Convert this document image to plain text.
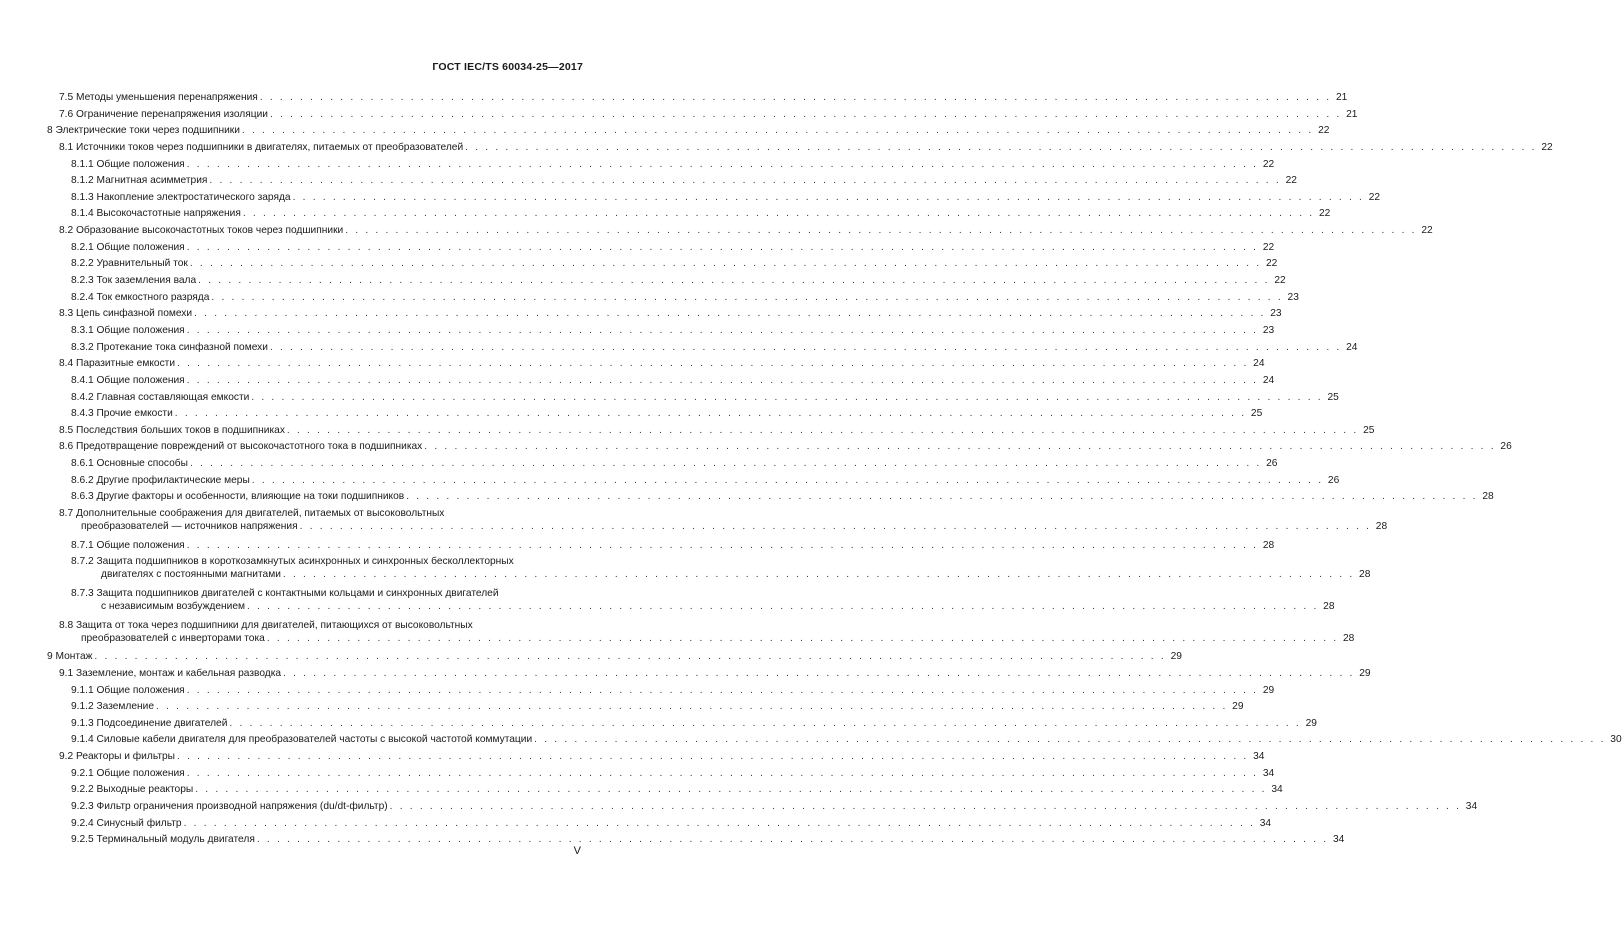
ГОСТ IEC/TS 60034-25—2017
7.5 Методы уменьшения перенапряжения . . . . . . . . . . . . . . . . . . . . . . . . . . . . . . . . . . . . . . . . . . . . . . . . . . . . . . . . . . . . . . . . . . . . . . . . . . . . . . . . . . . . . . . . . . . . . . . . . . . . . . . . . . . 21
7.6 Ограничение перенапряжения изоляции . . . . . . . . . . . . . . . . . . . . . . . . . . . . . . . . . . . . . . . . . . . . . . . . . . . . . . . . . . . . . . . . . . . . . . . . . . . . . . . . . . . . . . . . . . . . . . . . . . . . . . . . . . . 21
8 Электрические токи через подшипники . . . . . . . . . . . . . . . . . . . . . . . . . . . . . . . . . . . . . . . . . . . . . . . . . . . . . . . . . . . . . . . . . . . . . . . . . . . . . . . . . . . . . . . . . . . . . . . . . . . . . . . . . . . 22
8.1 Источники токов через подшипники в двигателях, питаемых от преобразователей . . . . . . . . . . . . . . . . . . . . . . . . . . . . . . . . . . . . . . . . . . . . . . . . . . . . . . . . . . . . . . . . . . . . . . . . . . . . . . . . . . . . . . . . . . . . . . . . . . . . . . . . . . . 22
8.1.1 Общие положения . . . . . . . . . . . . . . . . . . . . . . . . . . . . . . . . . . . . . . . . . . . . . . . . . . . . . . . . . . . . . . . . . . . . . . . . . . . . . . . . . . . . . . . . . . . . . . . . . . . . . . . . . . . 22
8.1.2 Магнитная асимметрия . . . . . . . . . . . . . . . . . . . . . . . . . . . . . . . . . . . . . . . . . . . . . . . . . . . . . . . . . . . . . . . . . . . . . . . . . . . . . . . . . . . . . . . . . . . . . . . . . . . . . . . . . . . 22
8.1.3 Накопление электростатического заряда . . . . . . . . . . . . . . . . . . . . . . . . . . . . . . . . . . . . . . . . . . . . . . . . . . . . . . . . . . . . . . . . . . . . . . . . . . . . . . . . . . . . . . . . . . . . . . . . . . . . . . . . . . . 22
8.1.4 Высокочастотные напряжения . . . . . . . . . . . . . . . . . . . . . . . . . . . . . . . . . . . . . . . . . . . . . . . . . . . . . . . . . . . . . . . . . . . . . . . . . . . . . . . . . . . . . . . . . . . . . . . . . . . . . . . . . . . 22
8.2 Образование высокочастотных токов через подшипники . . . . . . . . . . . . . . . . . . . . . . . . . . . . . . . . . . . . . . . . . . . . . . . . . . . . . . . . . . . . . . . . . . . . . . . . . . . . . . . . . . . . . . . . . . . . . . . . . . . . . . . . . . . 22
8.2.1 Общие положения . . . . . . . . . . . . . . . . . . . . . . . . . . . . . . . . . . . . . . . . . . . . . . . . . . . . . . . . . . . . . . . . . . . . . . . . . . . . . . . . . . . . . . . . . . . . . . . . . . . . . . . . . . . 22
8.2.2 Уравнительный ток . . . . . . . . . . . . . . . . . . . . . . . . . . . . . . . . . . . . . . . . . . . . . . . . . . . . . . . . . . . . . . . . . . . . . . . . . . . . . . . . . . . . . . . . . . . . . . . . . . . . . . . . . . . 22
8.2.3 Ток заземления вала . . . . . . . . . . . . . . . . . . . . . . . . . . . . . . . . . . . . . . . . . . . . . . . . . . . . . . . . . . . . . . . . . . . . . . . . . . . . . . . . . . . . . . . . . . . . . . . . . . . . . . . . . . . 22
8.2.4 Ток емкостного разряда . . . . . . . . . . . . . . . . . . . . . . . . . . . . . . . . . . . . . . . . . . . . . . . . . . . . . . . . . . . . . . . . . . . . . . . . . . . . . . . . . . . . . . . . . . . . . . . . . . . . . . . . . . . 23
8.3 Цепь синфазной помехи . . . . . . . . . . . . . . . . . . . . . . . . . . . . . . . . . . . . . . . . . . . . . . . . . . . . . . . . . . . . . . . . . . . . . . . . . . . . . . . . . . . . . . . . . . . . . . . . . . . . . . . . . . . 23
8.3.1 Общие положения . . . . . . . . . . . . . . . . . . . . . . . . . . . . . . . . . . . . . . . . . . . . . . . . . . . . . . . . . . . . . . . . . . . . . . . . . . . . . . . . . . . . . . . . . . . . . . . . . . . . . . . . . . . 23
8.3.2 Протекание тока синфазной помехи . . . . . . . . . . . . . . . . . . . . . . . . . . . . . . . . . . . . . . . . . . . . . . . . . . . . . . . . . . . . . . . . . . . . . . . . . . . . . . . . . . . . . . . . . . . . . . . . . . . . . . . . . . . 24
8.4 Паразитные емкости . . . . . . . . . . . . . . . . . . . . . . . . . . . . . . . . . . . . . . . . . . . . . . . . . . . . . . . . . . . . . . . . . . . . . . . . . . . . . . . . . . . . . . . . . . . . . . . . . . . . . . . . . . . 24
8.4.1 Общие положения . . . . . . . . . . . . . . . . . . . . . . . . . . . . . . . . . . . . . . . . . . . . . . . . . . . . . . . . . . . . . . . . . . . . . . . . . . . . . . . . . . . . . . . . . . . . . . . . . . . . . . . . . . . 24
8.4.2 Главная составляющая емкости . . . . . . . . . . . . . . . . . . . . . . . . . . . . . . . . . . . . . . . . . . . . . . . . . . . . . . . . . . . . . . . . . . . . . . . . . . . . . . . . . . . . . . . . . . . . . . . . . . . . . . . . . . . 25
8.4.3 Прочие емкости . . . . . . . . . . . . . . . . . . . . . . . . . . . . . . . . . . . . . . . . . . . . . . . . . . . . . . . . . . . . . . . . . . . . . . . . . . . . . . . . . . . . . . . . . . . . . . . . . . . . . . . . . . . 25
8.5 Последствия больших токов в подшипниках . . . . . . . . . . . . . . . . . . . . . . . . . . . . . . . . . . . . . . . . . . . . . . . . . . . . . . . . . . . . . . . . . . . . . . . . . . . . . . . . . . . . . . . . . . . . . . . . . . . . . . . . . . . 25
8.6 Предотвращение повреждений от высокочастотного тока в подшипниках . . . . . . . . . . . . . . . . . . . . . . . . . . . . . . . . . . . . . . . . . . . . . . . . . . . . . . . . . . . . . . . . . . . . . . . . . . . . . . . . . . . . . . . . . . . . . . . . . . . . . . . . . . . 26
8.6.1 Основные способы . . . . . . . . . . . . . . . . . . . . . . . . . . . . . . . . . . . . . . . . . . . . . . . . . . . . . . . . . . . . . . . . . . . . . . . . . . . . . . . . . . . . . . . . . . . . . . . . . . . . . . . . . . . 26
8.6.2 Другие профилактические меры . . . . . . . . . . . . . . . . . . . . . . . . . . . . . . . . . . . . . . . . . . . . . . . . . . . . . . . . . . . . . . . . . . . . . . . . . . . . . . . . . . . . . . . . . . . . . . . . . . . . . . . . . . . 26
8.6.3 Другие факторы и особенности, влияющие на токи подшипников . . . . . . . . . . . . . . . . . . . . . . . . . . . . . . . . . . . . . . . . . . . . . . . . . . . . . . . . . . . . . . . . . . . . . . . . . . . . . . . . . . . . . . . . . . . . . . . . . . . . . . . . . . . 28
8.7 Дополнительные соображения для двигателей, питаемых от высоковольтных
преобразователей — источников напряжения . . . . . . . . . . . . . . . . . . . . . . . . . . . . . . . . . . . . . . . . . . . . . . . . . . . . . . . . . . . . . . . . . . . . . . . . . . . . . . . . . . . . . . . . . . . . . . . . . . . . . . . . . . . 28
8.7.1 Общие положения . . . . . . . . . . . . . . . . . . . . . . . . . . . . . . . . . . . . . . . . . . . . . . . . . . . . . . . . . . . . . . . . . . . . . . . . . . . . . . . . . . . . . . . . . . . . . . . . . . . . . . . . . . . 28
8.7.2 Защита подшипников в короткозамкнутых асинхронных и синхронных бесколлекторных
двигателях с постоянными магнитами . . . . . . . . . . . . . . . . . . . . . . . . . . . . . . . . . . . . . . . . . . . . . . . . . . . . . . . . . . . . . . . . . . . . . . . . . . . . . . . . . . . . . . . . . . . . . . . . . . . . . . . . . . . 28
8.7.3 Защита подшипников двигателей с контактными кольцами и синхронных двигателей
с независимым возбуждением . . . . . . . . . . . . . . . . . . . . . . . . . . . . . . . . . . . . . . . . . . . . . . . . . . . . . . . . . . . . . . . . . . . . . . . . . . . . . . . . . . . . . . . . . . . . . . . . . . . . . . . . . . . 28
8.8 Защита от тока через подшипники для двигателей, питающихся от высоковольтных
преобразователей с инверторами тока . . . . . . . . . . . . . . . . . . . . . . . . . . . . . . . . . . . . . . . . . . . . . . . . . . . . . . . . . . . . . . . . . . . . . . . . . . . . . . . . . . . . . . . . . . . . . . . . . . . . . . . . . . . 28
9 Монтаж . . . . . . . . . . . . . . . . . . . . . . . . . . . . . . . . . . . . . . . . . . . . . . . . . . . . . . . . . . . . . . . . . . . . . . . . . . . . . . . . . . . . . . . . . . . . . . . . . . . . . . . . . . . 29
9.1 Заземление, монтаж и кабельная разводка . . . . . . . . . . . . . . . . . . . . . . . . . . . . . . . . . . . . . . . . . . . . . . . . . . . . . . . . . . . . . . . . . . . . . . . . . . . . . . . . . . . . . . . . . . . . . . . . . . . . . . . . . . . 29
9.1.1 Общие положения . . . . . . . . . . . . . . . . . . . . . . . . . . . . . . . . . . . . . . . . . . . . . . . . . . . . . . . . . . . . . . . . . . . . . . . . . . . . . . . . . . . . . . . . . . . . . . . . . . . . . . . . . . . 29
9.1.2 Заземление . . . . . . . . . . . . . . . . . . . . . . . . . . . . . . . . . . . . . . . . . . . . . . . . . . . . . . . . . . . . . . . . . . . . . . . . . . . . . . . . . . . . . . . . . . . . . . . . . . . . . . . . . . . 29
9.1.3 Подсоединение двигателей . . . . . . . . . . . . . . . . . . . . . . . . . . . . . . . . . . . . . . . . . . . . . . . . . . . . . . . . . . . . . . . . . . . . . . . . . . . . . . . . . . . . . . . . . . . . . . . . . . . . . . . . . . . 29
9.1.4 Силовые кабели двигателя для преобразователей частоты с высокой частотой коммутации . . . . . . . . . . . . . . . . . . . . . . . . . . . . . . . . . . . . . . . . . . . . . . . . . . . . . . . . . . . . . . . . . . . . . . . . . . . . . . . . . . . . . . . . . . . . . . . . . . . . . . . . . . . 30
9.2 Реакторы и фильтры . . . . . . . . . . . . . . . . . . . . . . . . . . . . . . . . . . . . . . . . . . . . . . . . . . . . . . . . . . . . . . . . . . . . . . . . . . . . . . . . . . . . . . . . . . . . . . . . . . . . . . . . . . . 34
9.2.1 Общие положения . . . . . . . . . . . . . . . . . . . . . . . . . . . . . . . . . . . . . . . . . . . . . . . . . . . . . . . . . . . . . . . . . . . . . . . . . . . . . . . . . . . . . . . . . . . . . . . . . . . . . . . . . . . 34
9.2.2 Выходные реакторы . . . . . . . . . . . . . . . . . . . . . . . . . . . . . . . . . . . . . . . . . . . . . . . . . . . . . . . . . . . . . . . . . . . . . . . . . . . . . . . . . . . . . . . . . . . . . . . . . . . . . . . . . . . 34
9.2.3 Фильтр ограничения производной напряжения (du/dt-фильтр) . . . . . . . . . . . . . . . . . . . . . . . . . . . . . . . . . . . . . . . . . . . . . . . . . . . . . . . . . . . . . . . . . . . . . . . . . . . . . . . . . . . . . . . . . . . . . . . . . . . . . . . . . . . 34
9.2.4 Синусный фильтр . . . . . . . . . . . . . . . . . . . . . . . . . . . . . . . . . . . . . . . . . . . . . . . . . . . . . . . . . . . . . . . . . . . . . . . . . . . . . . . . . . . . . . . . . . . . . . . . . . . . . . . . . . . 34
9.2.5 Терминальный модуль двигателя . . . . . . . . . . . . . . . . . . . . . . . . . . . . . . . . . . . . . . . . . . . . . . . . . . . . . . . . . . . . . . . . . . . . . . . . . . . . . . . . . . . . . . . . . . . . . . . . . . . . . . . . . . . 34
V
